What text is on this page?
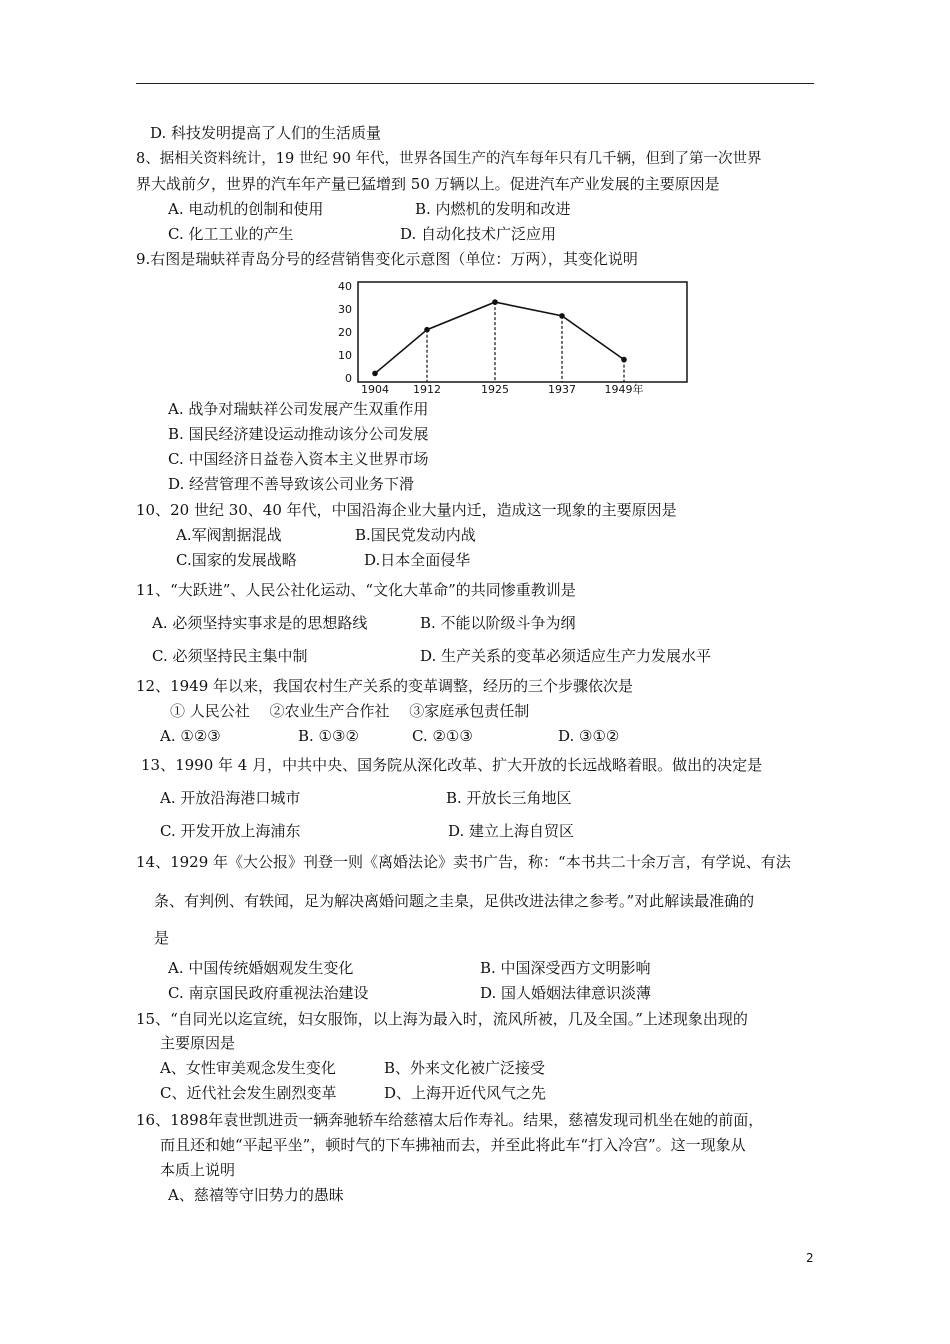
D. 科技发明提高了人们的生活质量
8、据相关资料统计，19 世纪 90 年代，世界各国生产的汽车每年只有几千辆，但到了第一次世界
界大战前夕，世界的汽车年产量已猛增到 50 万辆以上。促进汽车产业发展的主要原因是
A. 电动机的创制和使用	B. 内燃机的发明和改进
C. 化工工业的产生	D. 自动化技术广泛应用
9.右图是瑞蚨祥青岛分号的经营销售变化示意图（单位：万两），其变化说明
0
10
20
30
40
1904 1912	1925	1937	1949年
A. 战争对瑞蚨祥公司发展产生双重作用
B. 国民经济建设运动推动该分公司发展
C. 中国经济日益卷入资本主义世界市场
D. 经营管理不善导致该公司业务下滑
10、20 世纪 30、40 年代，中国沿海企业大量内迁，造成这一现象的主要原因是
A.军阀割据混战	B.国民党发动内战
C.国家的发展战略	D.日本全面侵华
11、“大跃进”、人民公社化运动、“文化大革命”的共同惨重教训是
A. 必须坚持实事求是的思想路线	B. 不能以阶级斗争为纲
C. 必须坚持民主集中制	D. 生产关系的变革必须适应生产力发展水平
12、1949 年以来，我国农村生产关系的变革调整，经历的三个步骤依次是
① 人民公社　 ②农业生产合作社　 ③家庭承包责任制
A. ①②③	B. ①③②	C. ②①③	D. ③①②
13、1990 年 4 月，中共中央、国务院从深化改革、扩大开放的长远战略着眼。做出的决定是
A. 开放沿海港口城市	B. 开放长三角地区
C. 开发开放上海浦东	D. 建立上海自贸区
14、1929 年《大公报》刊登一则《离婚法论》卖书广告，称：“本书共二十余万言，有学说、有法
条、有判例、有轶闻，足为解决离婚问题之圭臬，足供改进法律之参考。”对此解读最准确的
是
A. 中国传统婚姻观发生变化	B. 中国深受西方文明影响
C. 南京国民政府重视法治建设	D. 国人婚姻法律意识淡薄
15、“自同光以迄宣统，妇女服饰，以上海为最入时，流风所被，几及全国。”上述现象出现的
主要原因是
A、女性审美观念发生变化	B、外来文化被广泛接受
C、近代社会发生剧烈变革	D、上海开近代风气之先
16、1898年袁世凯进贡一辆奔驰轿车给慈禧太后作寿礼。结果，慈禧发现司机坐在她的前面，
而且还和她“平起平坐”，顿时气的下车拂袖而去，并至此将此车“打入冷宫”。这一现象从
本质上说明
A、慈禧等守旧势力的愚昧
2
